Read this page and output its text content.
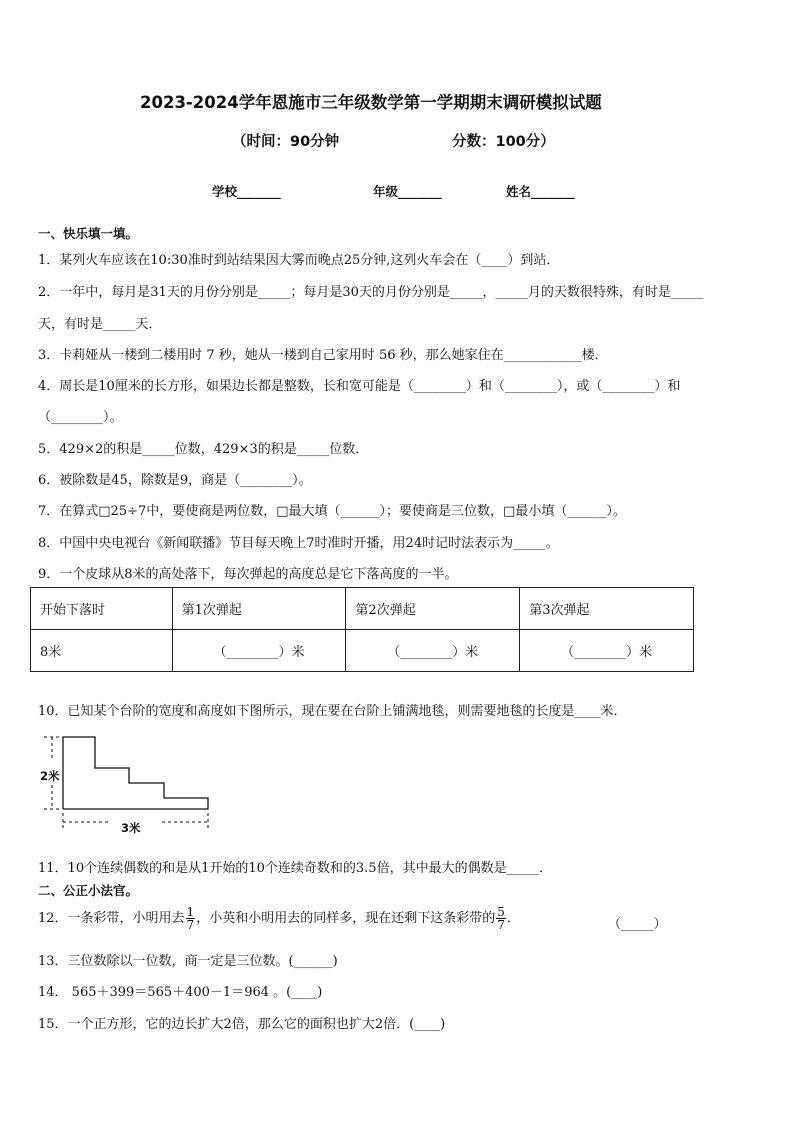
2023-2024学年恩施市三年级数学第一学期期末调研模拟试题
（时间：90分钟	分数：100分）
学校_______	年级_______	姓名_______
一、快乐填一填。
1．某列火车应该在10:30准时到站结果因大雾而晚点25分钟,这列火车会在（____）到站．
2．一年中，每月是31天的月份分别是_____；每月是30天的月份分别是_____，_____月的天数很特殊，有时是_____
天，有时是_____天．
3．卡莉娅从一楼到二楼用时 7 秒，她从一楼到自己家用时 56 秒，那么她家住在____________楼．
4．周长是10厘米的长方形，如果边长都是整数，长和宽可能是（________）和（________），或（________）和
（________）。
5．429×2的积是_____位数，429×3的积是_____位数．
6．被除数是45，除数是9，商是（________）。
7．在算式□25÷7中，要使商是两位数，□最大填（______）；要使商是三位数，□最小填（______）。
8．中国中央电视台《新闻联播》节目每天晚上7时准时开播，用24时记时法表示为_____。
9．一个皮球从8米的高处落下，每次弹起的高度总是它下落高度的一半。
开始下落时	第1次弹起	第2次弹起	第3次弹起
8米	（________）米	（________）米	（________）米
10．已知某个台阶的宽度和高度如下图所示，现在要在台阶上铺满地毯，则需要地毯的长度是____米．
2米
3米
11．10个连续偶数的和是从1开始的10个连续奇数和的3.5倍，其中最大的偶数是_____．
二、公正小法官。
12．一条彩带，小明用去 $\frac{1}{7}$ ，小英和小明用去的同样多，现在还剩下这条彩带的 $\frac{5}{7}$ ．	（_____）
13．三位数除以一位数，商一定是三位数。(______)
14． 565＋399＝565＋400－1＝964 。(____)
15．一个正方形，它的边长扩大2倍，那么它的面积也扩大2倍．(____)
